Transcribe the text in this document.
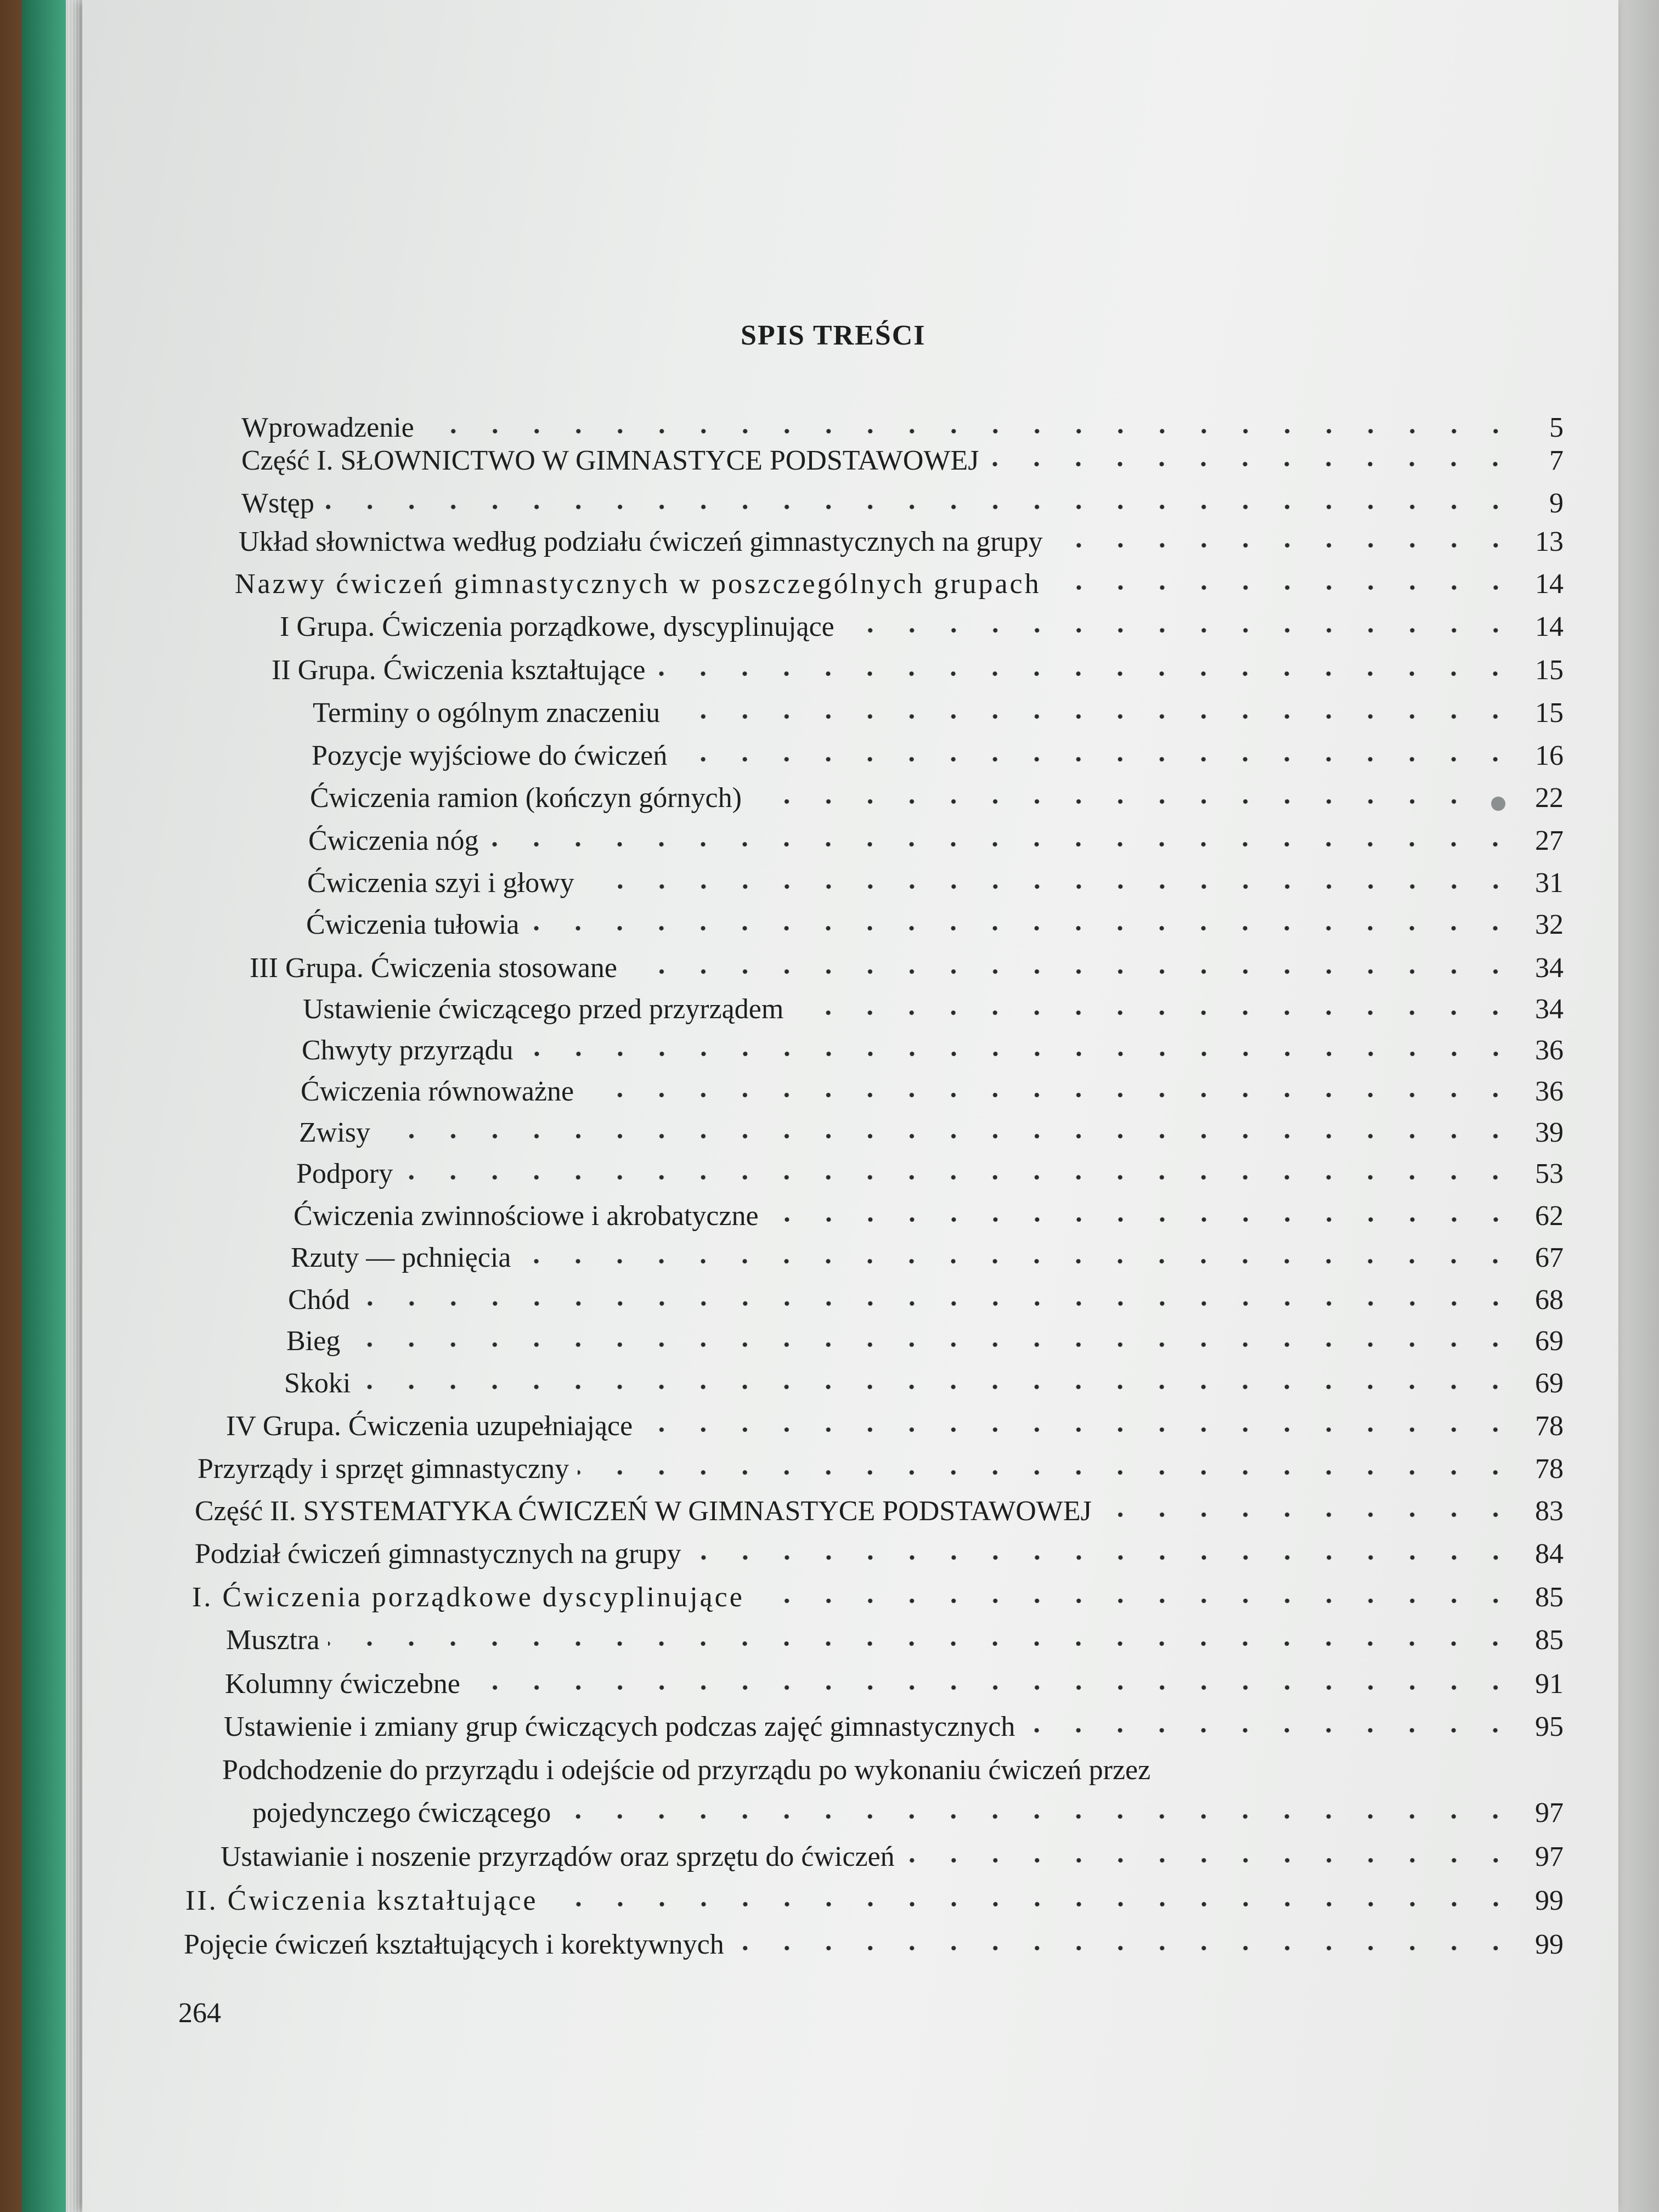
SPIS TREŚCI
Wprowadzenie	5
Część I. SŁOWNICTWO W GIMNASTYCE PODSTAWOWEJ	7
Wstęp	9
Układ słownictwa według podziału ćwiczeń gimnastycznych na grupy	13
Nazwy ćwiczeń gimnastycznych w poszczególnych grupach	14
I Grupa. Ćwiczenia porządkowe, dyscyplinujące	14
II Grupa. Ćwiczenia kształtujące	15
Terminy o ogólnym znaczeniu	15
Pozycje wyjściowe do ćwiczeń	16
Ćwiczenia ramion (kończyn górnych)	22
Ćwiczenia nóg	27
Ćwiczenia szyi i głowy	31
Ćwiczenia tułowia	32
III Grupa. Ćwiczenia stosowane	34
Ustawienie ćwiczącego przed przyrządem	34
Chwyty przyrządu	36
Ćwiczenia równoważne	36
Zwisy	39
Podpory	53
Ćwiczenia zwinnościowe i akrobatyczne	62
Rzuty — pchnięcia	67
Chód	68
Bieg	69
Skoki	69
IV Grupa. Ćwiczenia uzupełniające	78
Przyrządy i sprzęt gimnastyczny	78
Część II. SYSTEMATYKA ĆWICZEŃ W GIMNASTYCE PODSTAWOWEJ	83
Podział ćwiczeń gimnastycznych na grupy	84
I. Ćwiczenia porządkowe dyscyplinujące	85
Musztra	85
Kolumny ćwiczebne	91
Ustawienie i zmiany grup ćwiczących podczas zajęć gimnastycznych	95
Podchodzenie do przyrządu i odejście od przyrządu po wykonaniu ćwiczeń przez
pojedynczego ćwiczącego	97
Ustawianie i noszenie przyrządów oraz sprzętu do ćwiczeń	97
II. Ćwiczenia kształtujące	99
Pojęcie ćwiczeń kształtujących i korektywnych	99
264
